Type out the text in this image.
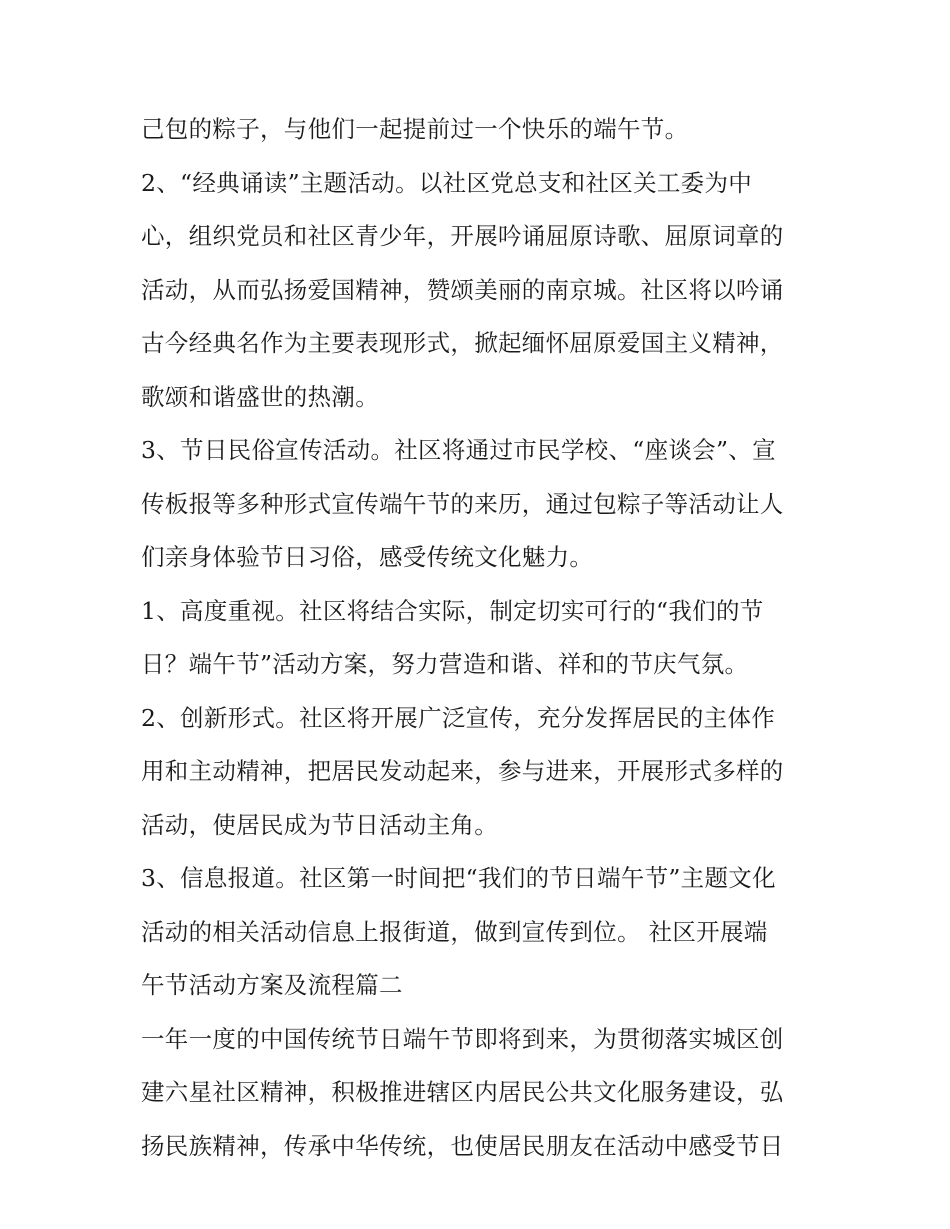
己包的粽子，与他们一起提前过一个快乐的端午节。
2、“经典诵读”主题活动。以社区党总支和社区关工委为中
心，组织党员和社区青少年，开展吟诵屈原诗歌、屈原词章的
活动，从而弘扬爱国精神，赞颂美丽的南京城。社区将以吟诵
古今经典名作为主要表现形式，掀起缅怀屈原爱国主义精神，
歌颂和谐盛世的热潮。
3、节日民俗宣传活动。社区将通过市民学校、“座谈会”、宣
传板报等多种形式宣传端午节的来历，通过包粽子等活动让人
们亲身体验节日习俗，感受传统文化魅力。
1、高度重视。社区将结合实际，制定切实可行的“我们的节
日？端午节”活动方案，努力营造和谐、祥和的节庆气氛。
2、创新形式。社区将开展广泛宣传，充分发挥居民的主体作
用和主动精神，把居民发动起来，参与进来，开展形式多样的
活动，使居民成为节日活动主角。
3、信息报道。社区第一时间把“我们的节日端午节”主题文化
活动的相关活动信息上报街道，做到宣传到位。 社区开展端
午节活动方案及流程篇二
一年一度的中国传统节日端午节即将到来，为贯彻落实城区创
建六星社区精神，积极推进辖区内居民公共文化服务建设，弘
扬民族精神，传承中华传统，也使居民朋友在活动中感受节日
